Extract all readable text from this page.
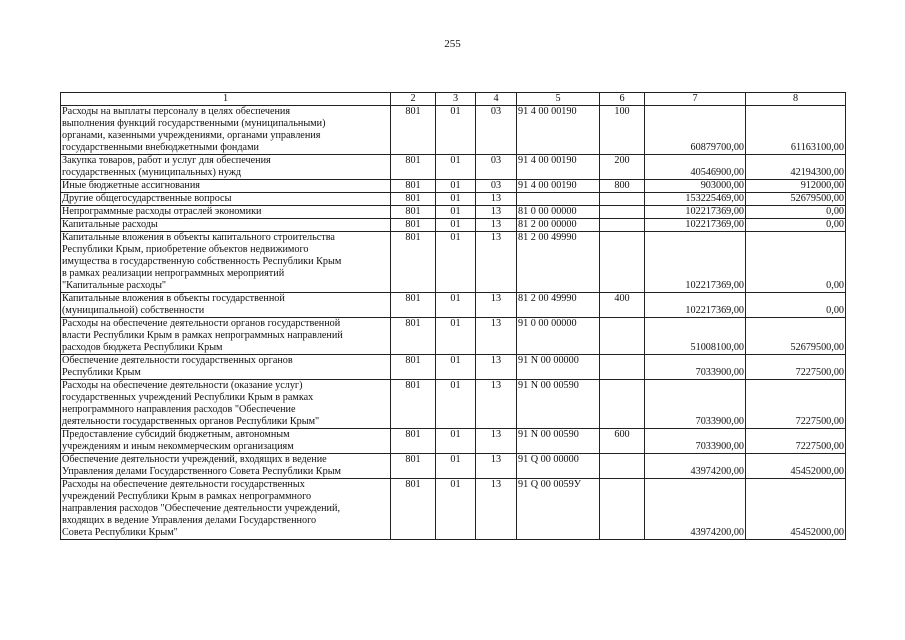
255
1	2	3	4	5	6	7	8
Расходы на выплаты персоналу в целях обеспечения
выполнения функций государственными (муниципальными)
органами, казенными учреждениями, органами управления
государственными внебюджетными фондами	801	01	03	91 4 00 00190	100	60879700,00	61163100,00
Закупка товаров, работ и услуг для обеспечения
государственных (муниципальных) нужд	801	01	03	91 4 00 00190	200	40546900,00	42194300,00
Иные бюджетные ассигнования	801	01	03	91 4 00 00190	800	903000,00	912000,00
Другие общегосударственные вопросы	801	01	13			153225469,00	52679500,00
Непрограммные расходы отраслей экономики	801	01	13	81 0 00 00000		102217369,00	0,00
Капитальные расходы	801	01	13	81 2 00 00000		102217369,00	0,00
Капитальные вложения в объекты капитального строительства
Республики Крым, приобретение объектов недвижимого
имущества в государственную собственность Республики Крым
в рамках реализации непрограммных мероприятий
"Капитальные расходы"	801	01	13	81 2 00 49990		102217369,00	0,00
Капитальные вложения в объекты государственной
(муниципальной) собственности	801	01	13	81 2 00 49990	400	102217369,00	0,00
Расходы на обеспечение деятельности органов государственной
власти Республики Крым в рамках непрограммных направлений
расходов бюджета Республики Крым	801	01	13	91 0 00 00000		51008100,00	52679500,00
Обеспечение деятельности государственных органов
Республики Крым	801	01	13	91 N 00 00000		7033900,00	7227500,00
Расходы на обеспечение деятельности (оказание услуг)
государственных учреждений Республики Крым в рамках
непрограммного направления расходов "Обеспечение
деятельности государственных органов Республики Крым"	801	01	13	91 N 00 00590		7033900,00	7227500,00
Предоставление субсидий бюджетным, автономным
учреждениям и иным некоммерческим организациям	801	01	13	91 N 00 00590	600	7033900,00	7227500,00
Обеспечение деятельности учреждений, входящих в ведение
Управления делами Государственного Совета Республики Крым	801	01	13	91 Q 00 00000		43974200,00	45452000,00
Расходы на обеспечение деятельности государственных
учреждений Республики Крым в рамках непрограммного
направления расходов "Обеспечение деятельности учреждений,
входящих в ведение Управления делами Государственного
Совета Республики Крым"	801	01	13	91 Q 00 0059У		43974200,00	45452000,00
